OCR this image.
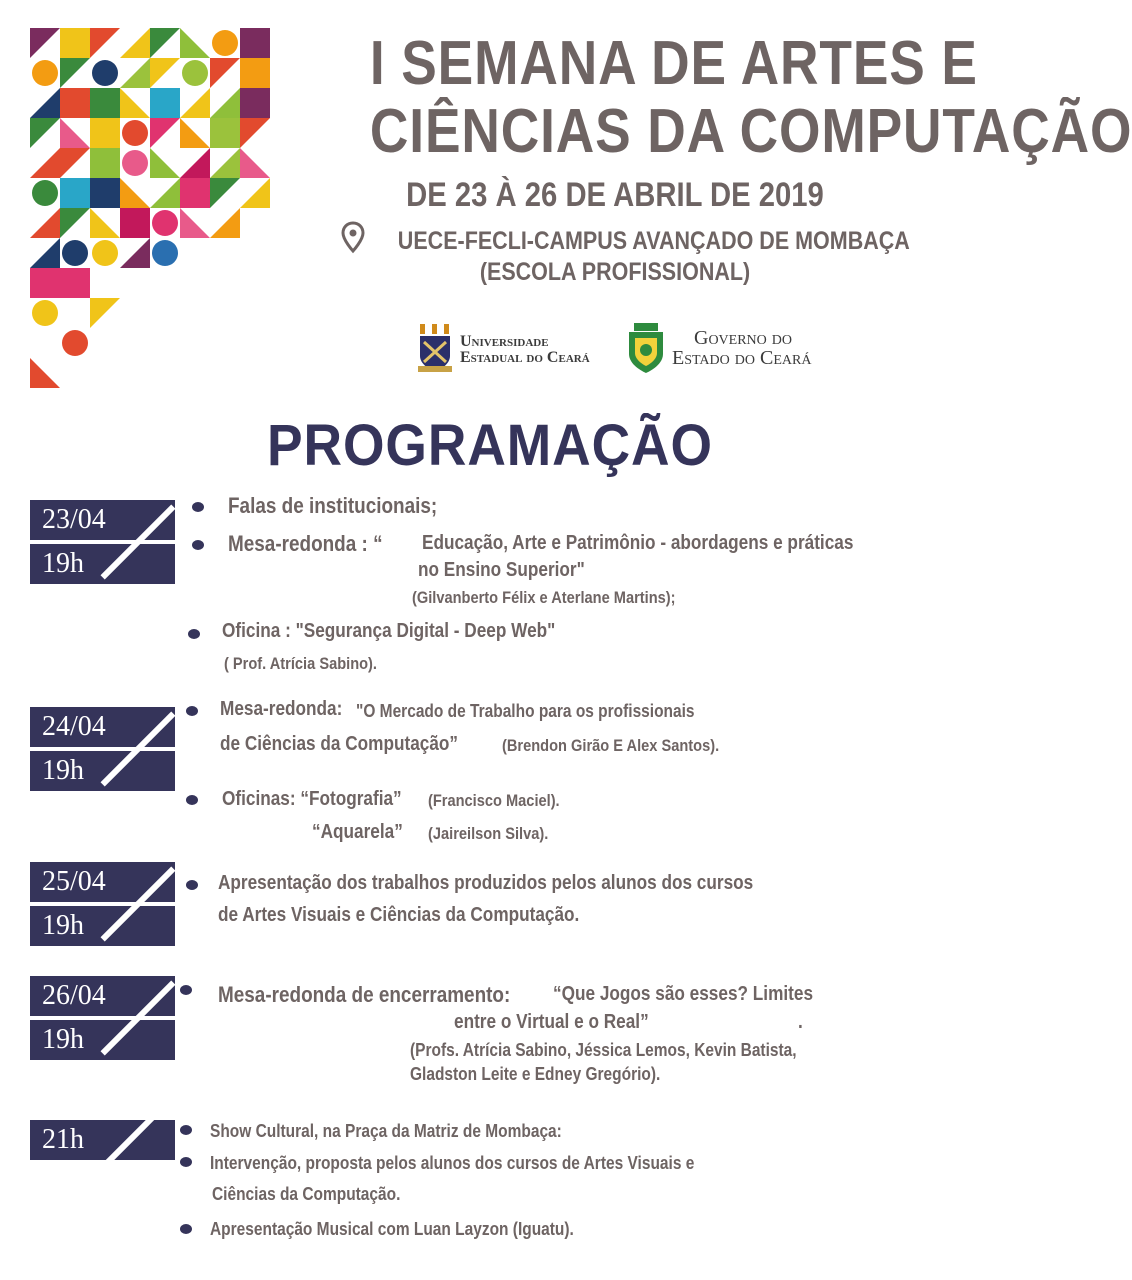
I SEMANA DE ARTES E
CIÊNCIAS DA COMPUTAÇÃO
DE 23 À 26 DE ABRIL DE 2019
UECE-FECLI-CAMPUS AVANÇADO DE MOMBAÇA
(ESCOLA PROFISSIONAL)
Universidade
Estadual do Ceará
Governo do
Estado do Ceará
PROGRAMAÇÃO
23/04
19h
Falas de institucionais;
Mesa-redonda : “ Educação, Arte e Patrimônio - abordagens e práticas
no Ensino Superior"
(Gilvanberto Félix e Aterlane Martins);
Oficina : "Segurança Digital - Deep Web"
( Prof. Atrícia Sabino).
24/04
19h
Mesa-redonda: "O Mercado de Trabalho para os profissionais
de Ciências da Computação”	(Brendon Girão E Alex Santos).
Oficinas: “Fotografia” (Francisco Maciel).
“Aquarela” (Jaireilson Silva).
25/04
19h
Apresentação dos trabalhos produzidos pelos alunos dos cursos
de Artes Visuais e Ciências da Computação.
26/04
19h
Mesa-redonda de encerramento: “Que Jogos são esses? Limites
entre o Virtual e o Real”	.
(Profs. Atrícia Sabino, Jéssica Lemos, Kevin Batista,
Gladston Leite e Edney Gregório).
21h	Show Cultural, na Praça da Matriz de Mombaça:
Intervenção, proposta pelos alunos dos cursos de Artes Visuais e
Ciências da Computação.
Apresentação Musical com Luan Layzon (Iguatu).
